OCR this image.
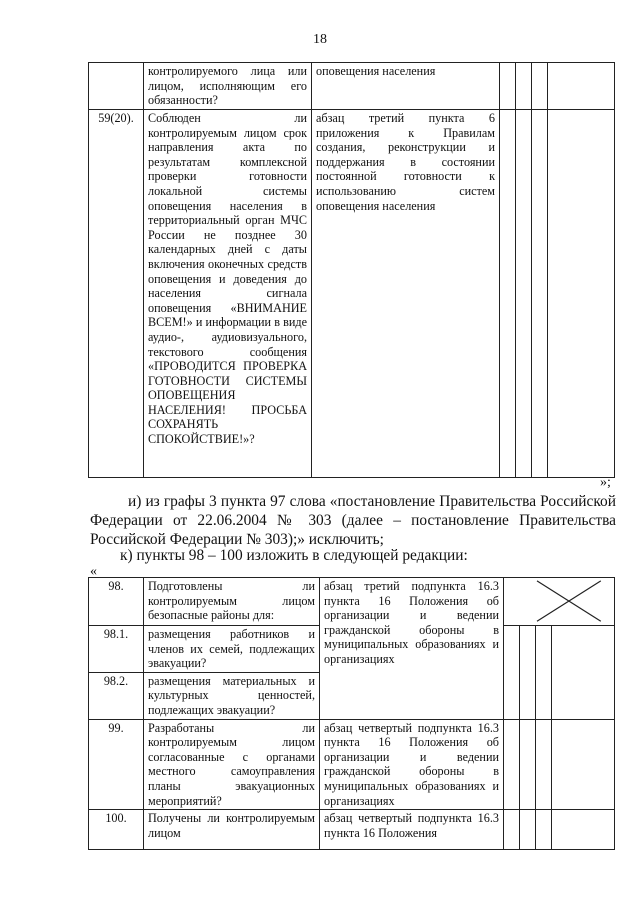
18
	контролируемого лица или лицом, исполняющим его обязанности?	оповещения населения				
59(20).	Соблюден ли контролируемым лицом срок направления акта по результатам комплексной проверки готовности локальной системы оповещения населения в территориальный орган МЧС России не позднее 30 календарных дней с даты включения оконечных средств оповещения и доведения до населения сигнала оповещения «ВНИМАНИЕ ВСЕМ!» и информации в виде аудио-, аудиовизуального, текстового сообщения «ПРОВОДИТСЯ ПРОВЕРКА ГОТОВНОСТИ СИСТЕМЫ ОПОВЕЩЕНИЯ НАСЕЛЕНИЯ! ПРОСЬБА СОХРАНЯТЬ СПОКОЙСТВИЕ!»?	абзац третий пункта 6 приложения к Правилам создания, реконструкции и поддержания в состоянии постоянной готовности к использованию систем оповещения населения				
»;
и) из графы 3 пункта 97 слова «постановление Правительства Российской Федерации от 22.06.2004 № 303 (далее – постановление Правительства Российской Федерации № 303);» исключить;
к) пункты 98 – 100 изложить в следующей редакции:
«
98.	Подготовлены ли контролируемым лицом безопасные районы для:	абзац третий подпункта 16.3 пункта 16 Положения об организации и ведении гражданской обороны в муниципальных образованиях и организациях	

98.1.	размещения работников и членов их семей, подлежащих эвакуации?					
98.2.	размещения материальных и культурных ценностей, подлежащих эвакуации?					
99.	Разработаны ли контролируемым лицом согласованные с органами местного самоуправления планы эвакуационных мероприятий?	абзац четвертый подпункта 16.3 пункта 16 Положения об организации и ведении гражданской обороны в муниципальных образованиях и организациях				
100.	Получены ли контролируемым лицом	абзац четвертый подпункта 16.3 пункта 16 Положения				
